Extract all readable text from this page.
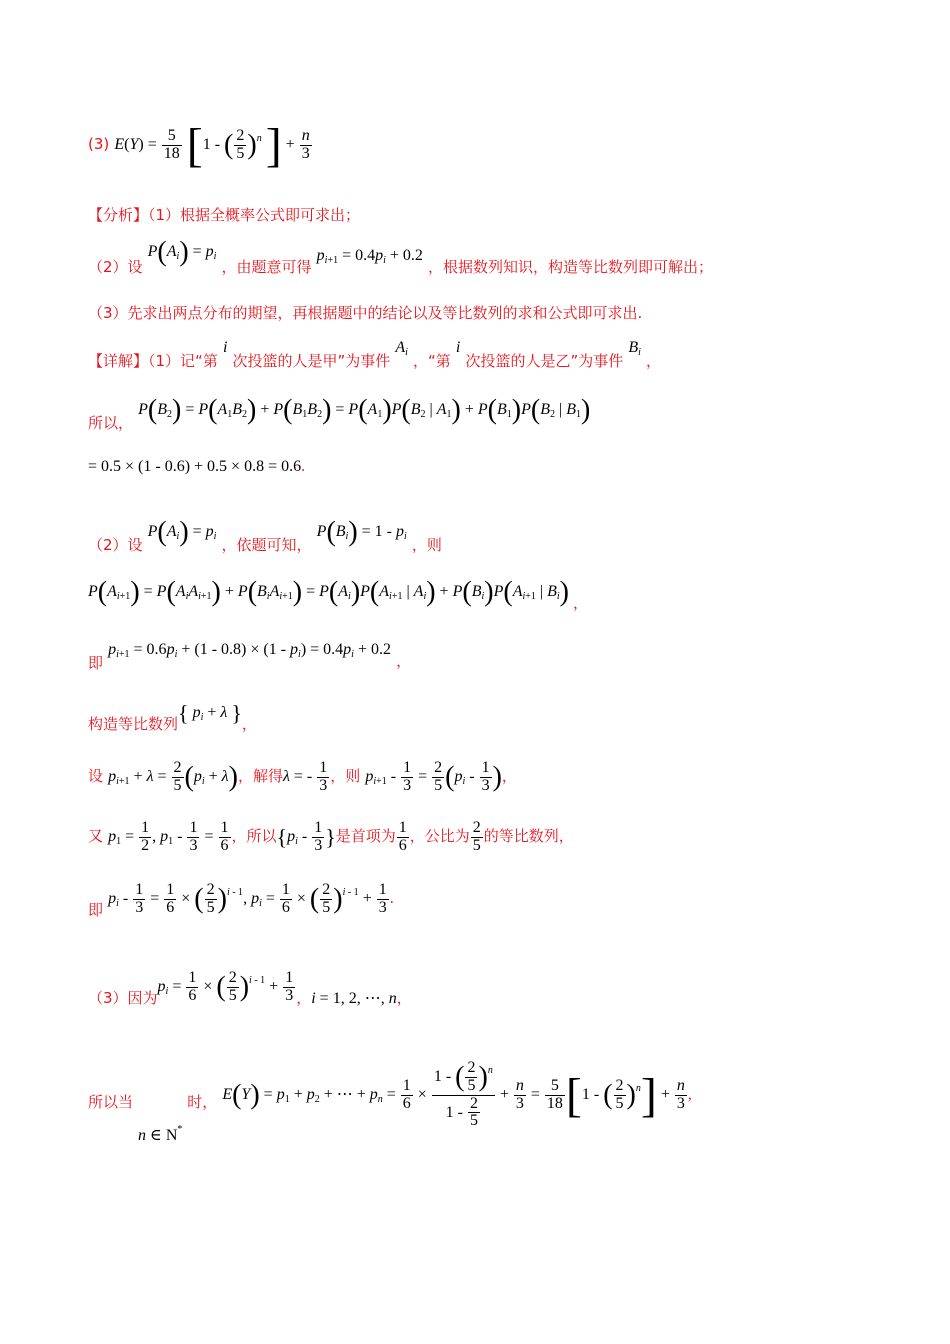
(3) $E(Y) = \frac{5}{18} [1$ - ( $\frac{2}{5} )^n$ ] + $\frac{n}{3}$
【分析】（1）根据全概率公式即可求出；
（2）设 $P(A_i) = p_i$ ，由题意可得 $p_{i+1} = 0.4p_i + 0.2$ ，根据数列知识，构造等比数列即可解出；
（3）先求出两点分布的期望，再根据题中的结论以及等比数列的求和公式即可求出.
【详解】（1）记“第 i 次投篮的人是甲”为事件 $A_i$ ，“第 i 次投篮的人是乙”为事件 $B_i$ ，
所以， $P(B_2) = P(A_1B_2) + P(B_1B_2) = P(A_1)P(B_2$ | $A_1) + P(B_1)P(B_2$ | $B_1$)
= 0.5 × (1 - 0.6) + 0.5 × 0.8 = 0.6.
（2）设 $P(A_i) = p_i$ ，依题可知， $P(B_i) = 1 - p_i$ ，则
$P(A_{i+1}) = P(A_iA_{i+1}) + P(B_iA_{i+1}) = P(A_i)P(A_{i+1}$ | $A_i) + P(B_i)P(A_{i+1}$ | $B_i$) ，
即 $p_{i+1} = 0.6p_i + (1 - 0.8) \times (1 - p_i) = 0.4p_i + 0.2$ ，
构造等比数列{ $p_i + \lambda$ }，
设 $p_{i+1} + \lambda = \frac{2}{5} (p_i + \lambda)$，解得λ = - $\frac{1}{3}$ ，则 $p_{i+1} - \frac{1}{3} = \frac{2}{5} (p_i - \frac{1}{3}$ )，
又 $p_1 = \frac{1}{2}$ , $p_1 - \frac{1}{3} = \frac{1}{6}$ ，所以{$p_i - \frac{1}{3}$ }是首项为 $\frac{1}{6}$ ，公比为 $\frac{2}{5}$ 的等比数列，
即 $p_i - \frac{1}{3} = \frac{1}{6}$ × ( $\frac{2}{5} )^{i - 1}$, $p_i = \frac{1}{6}$ × ( $\frac{2}{5} )^{i - 1} + \frac{1}{3}$ .
（3）因为$p_i = \frac{1}{6}$ × ( $\frac{2}{5} )^{i - 1} + \frac{1}{3}$ ，i = 1, 2, ⋯, n，
所以当
n ∈ N*
时， $E(Y) = p_1 + p_2$ + ⋯ + $p_n = \frac{1}{6} \times \frac{1 - ( \frac{2}{5} )^n}{1 - \frac{2}{5}} + \frac{n}{3} = \frac{5}{18} [1$ - ( $\frac{2}{5} )^n] + \frac{n}{3}$ ,
